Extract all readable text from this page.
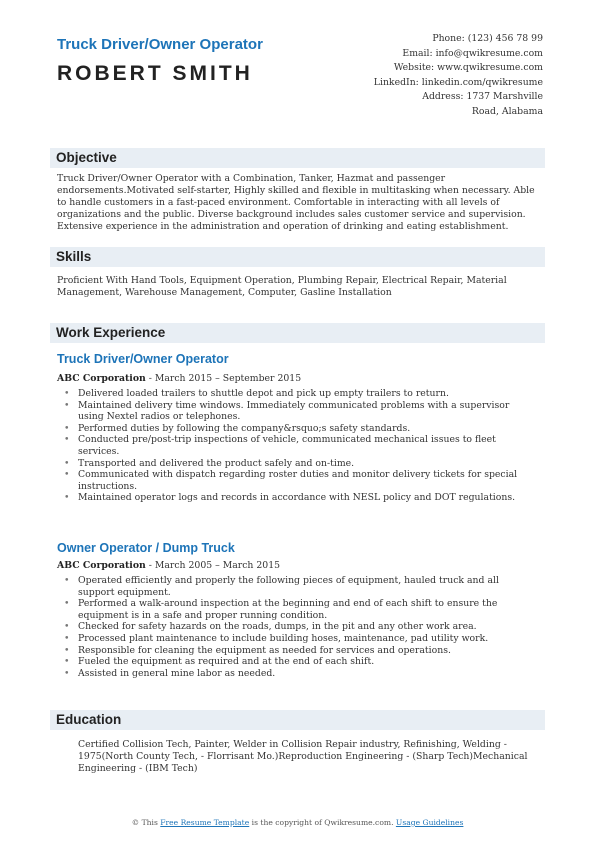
Truck Driver/Owner Operator
ROBERT SMITH
Phone: (123) 456 78 99
Email: info@qwikresume.com
Website: www.qwikresume.com
LinkedIn: linkedin.com/qwikresume
Address: 1737 Marshville Road, Alabama
Objective
Truck Driver/Owner Operator with a Combination, Tanker, Hazmat and passenger endorsements.Motivated self-starter, Highly skilled and flexible in multitasking when necessary. Able to handle customers in a fast-paced environment. Comfortable in interacting with all levels of organizations and the public. Diverse background includes sales customer service and supervision. Extensive experience in the administration and operation of drinking and eating establishment.
Skills
Proficient With Hand Tools, Equipment Operation, Plumbing Repair, Electrical Repair, Material Management, Warehouse Management, Computer, Gasline Installation
Work Experience
Truck Driver/Owner Operator
ABC Corporation - March 2015 – September 2015
• Delivered loaded trailers to shuttle depot and pick up empty trailers to return.
• Maintained delivery time windows. Immediately communicated problems with a supervisor using Nextel radios or telephones.
• Performed duties by following the company&rsquo;s safety standards.
• Conducted pre/post-trip inspections of vehicle, communicated mechanical issues to fleet services.
• Transported and delivered the product safely and on-time.
• Communicated with dispatch regarding roster duties and monitor delivery tickets for special instructions.
• Maintained operator logs and records in accordance with NESL policy and DOT regulations.
Owner Operator / Dump Truck
ABC Corporation - March 2005 – March 2015
• Operated efficiently and properly the following pieces of equipment, hauled truck and all support equipment.
• Performed a walk-around inspection at the beginning and end of each shift to ensure the equipment is in a safe and proper running condition.
• Checked for safety hazards on the roads, dumps, in the pit and any other work area.
• Processed plant maintenance to include building hoses, maintenance, pad utility work.
• Responsible for cleaning the equipment as needed for services and operations.
• Fueled the equipment as required and at the end of each shift.
• Assisted in general mine labor as needed.
Education
Certified Collision Tech, Painter, Welder in Collision Repair industry, Refinishing, Welding - 1975(North County Tech, - Florrisant Mo.)Reproduction Engineering - (Sharp Tech)Mechanical Engineering - (IBM Tech)
© This Free Resume Template is the copyright of Qwikresume.com. Usage Guidelines
